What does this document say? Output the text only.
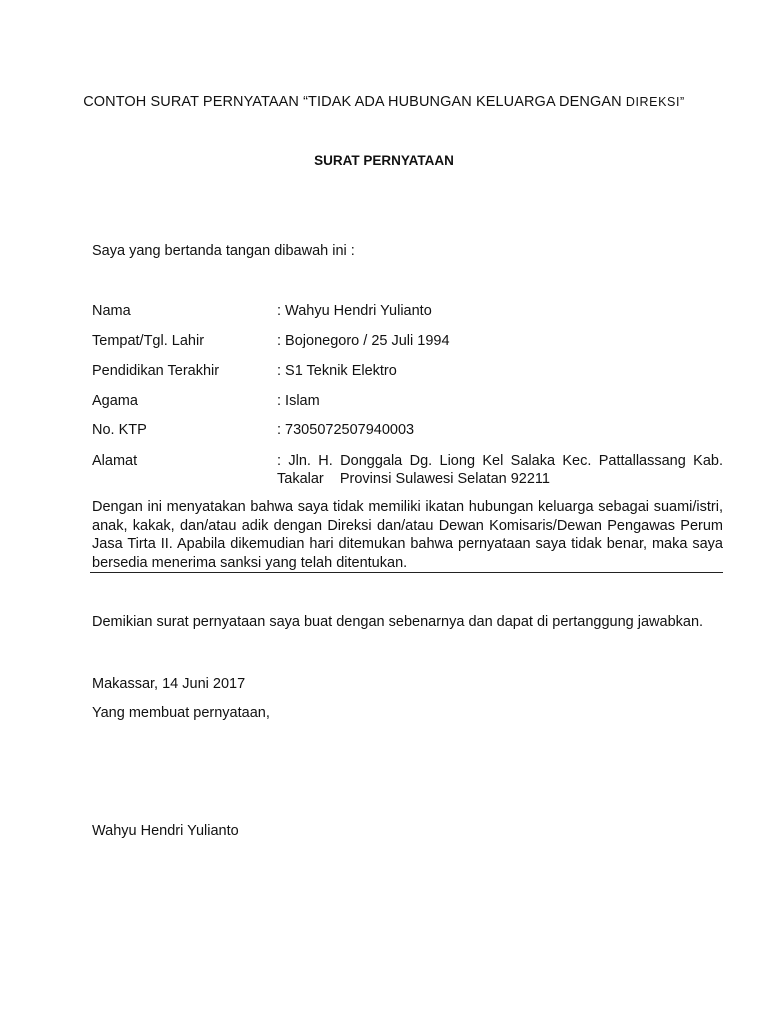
CONTOH SURAT PERNYATAAN “TIDAK ADA HUBUNGAN KELUARGA DENGAN DIREKSI”
SURAT PERNYATAAN
Saya yang bertanda tangan dibawah ini :
Nama	: Wahyu Hendri Yulianto
Tempat/Tgl. Lahir	: Bojonegoro / 25 Juli 1994
Pendidikan Terakhir	: S1 Teknik Elektro
Agama	: Islam
No. KTP	: 7305072507940003
Alamat	: Jln. H. Donggala Dg. Liong Kel Salaka Kec. Pattallassang Kab.
Takalar    Provinsi Sulawesi Selatan 92211
Dengan ini menyatakan bahwa saya tidak memiliki ikatan hubungan keluarga sebagai suami/istri, anak, kakak, dan/atau adik dengan Direksi dan/atau Dewan Komisaris/Dewan Pengawas Perum Jasa Tirta II. Apabila dikemudian hari ditemukan bahwa pernyataan saya tidak benar, maka saya bersedia menerima sanksi yang telah ditentukan.
Demikian surat pernyataan saya buat dengan sebenarnya dan dapat di pertanggung jawabkan.
Makassar, 14 Juni 2017
Yang membuat pernyataan,
Wahyu Hendri Yulianto
